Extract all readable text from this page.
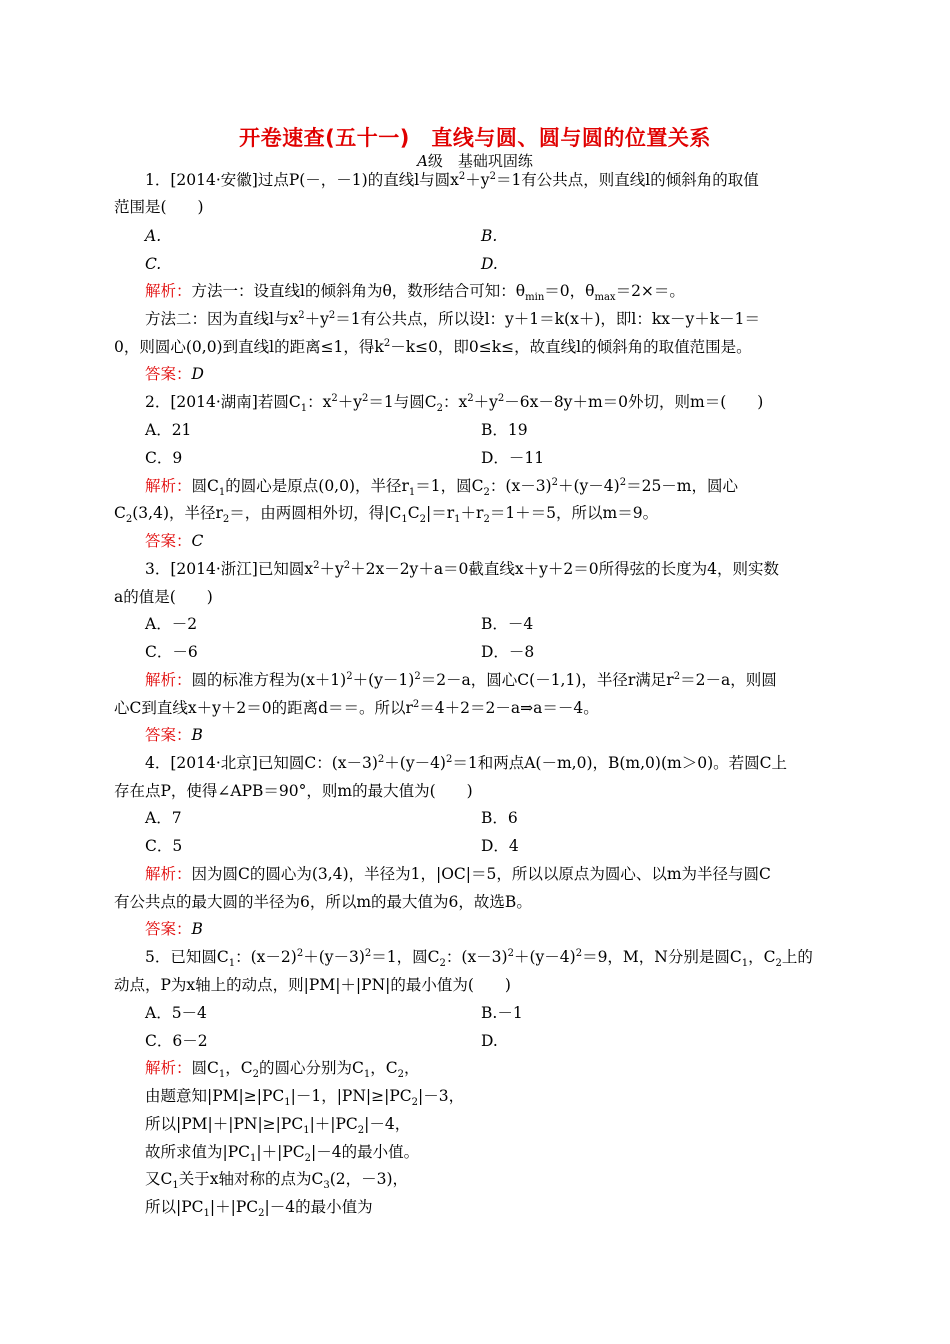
开卷速查(五十一)　直线与圆、圆与圆的位置关系
A级　基础巩固练
1．[2014·安徽]过点P(－，－1)的直线l与圆$x^2+y^2=1$有公共点，则直线l的倾斜角的取值
范围是(　　)
A.	B.
C.	D.
解析：方法一：设直线l的倾斜角为θ，数形结合可知：$\theta_{min}=0$，$\theta_{max}=2\times=$。
方法二：因为直线l与$x^2+y^2=1$有公共点，所以设l：y＋1＝k(x＋)，即l：kx－y＋k－1＝
0，则圆心(0,0)到直线l的距离≤1，得$k^2-k\le 0$，即0≤k≤，故直线l的倾斜角的取值范围是。
答案：D
2．[2014·湖南]若圆$C_1$：$x^2+y^2=1$与圆$C_2$：$x^2+y^2-6x-8y+m=0$外切，则m＝(　　)
A．21	B．19
C．9	D．－11
解析：圆$C_1$的圆心是原点(0,0)，半径$r_1=1$，圆$C_2$：$(x-3)^2+(y-4)^2=25-m$，圆心
$C_2(3,4)$，半径$r_2=$，由两圆相外切，得$|C_1C_2|=r_1+r_2=1+=5$，所以m＝9。
答案：C
3．[2014·浙江]已知圆$x^2+y^2+2x-2y+a=0$截直线x＋y＋2＝0所得弦的长度为4，则实数
a的值是(　　)
A．－2	B．－4
C．－6	D．－8
解析：圆的标准方程为$(x+1)^2+(y-1)^2=2-a$，圆心C(－1,1)，半径r满足$r^2=2-a$，则圆
心C到直线x＋y＋2＝0的距离d＝＝。所以$r^2=4+2=2-a\Rightarrow a=-4$。
答案：B
4．[2014·北京]已知圆C：$(x-3)^2+(y-4)^2=1$和两点A(－m,0)，B(m,0)(m＞0)。若圆C上
存在点P，使得∠APB＝90°，则m的最大值为(　　)
A．7	B．6
C．5	D．4
解析：因为圆C的圆心为(3,4)，半径为1，|OC|＝5，所以以原点为圆心、以m为半径与圆C
有公共点的最大圆的半径为6，所以m的最大值为6，故选B。
答案：B
5．已知圆$C_1$：$(x-2)^2+(y-3)^2=1$，圆$C_2$：$(x-3)^2+(y-4)^2=9$，M，N分别是圆$C_1$，$C_2$上的
动点，P为x轴上的动点，则|PM|＋|PN|的最小值为(　　)
A．5－4	B.－1
C．6－2	D.
解析：圆$C_1$，$C_2$的圆心分别为$C_1$，$C_2$，
由题意知$|PM|\ge|PC_1|-1$，$|PN|\ge|PC_2|-3$，
所以$|PM|+|PN|\ge|PC_1|+|PC_2|-4$，
故所求值为$|PC_1|+|PC_2|-4$的最小值。
又$C_1$关于x轴对称的点为$C_3(2$，－3)，
所以$|PC_1|+|PC_2|-4$的最小值为
